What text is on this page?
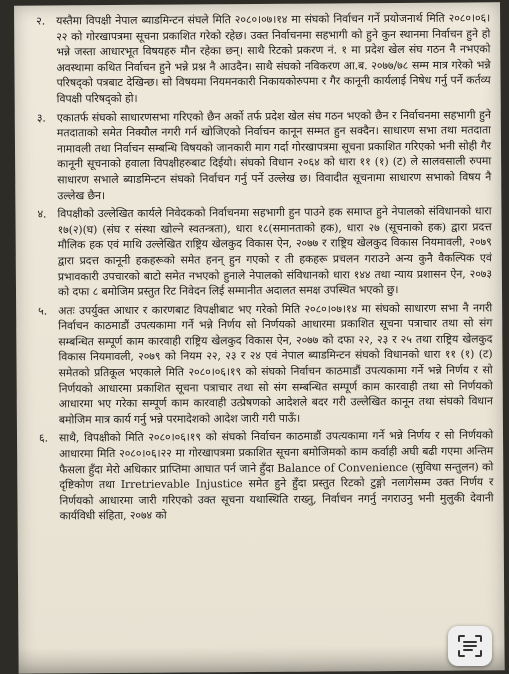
२.	यस्तैमा विपक्षी नेपाल ब्याडमिन्टन संघले मिति २०८०।०७।१४ मा संघको निर्वाचन गर्ने प्रयोजनार्थ मिति २०८०।०६।२२ को गोरखापत्रमा सूचना प्रकाशित गरेको रहेछ। उक्त निर्वाचनमा सहभागी को हुने कुन स्थानमा निर्वाचन हुने हो भन्ने जस्ता आधारभूत विषयहरु मौन रहेका छन्। साथै रिटको प्रकरण नं. १ मा प्रदेश खेल संघ गठन नै नभएको अवस्थामा कथित निर्वाचन हुने भन्ने प्रश्न नै आउदैन। साथै संघको नविकरण आ.ब. २०७७/७८ सम्म मात्र गरेको भन्ने परिषद्को पत्रबाट देखिन्छ। सो विषयमा नियमनकारी निकायकोरुपमा र गैर कानूनी कार्यलाई निषेध गर्नु पर्ने कर्तव्य विपक्षी परिषद्को हो।
३.	एकातर्फ संघको साधारणसभा गरिएको छैन अर्को तर्फ प्रदेश खेल संघ गठन भएको छैन र निर्वाचनमा सहभागी हुने मतदाताको समेत निक्यौल नगरी गर्न खोजिएको निर्वाचन कानून सम्मत हुन सक्दैन। साधारण सभा तथा मतदाता नामावली तथा निर्वाचन सम्बन्धि विषयको जानकारी माग गर्दा गोरखापत्रमा सूचना प्रकाशित गरिएको भनी सोही गैर कानूनी सूचनाको हवाला विपक्षीहरुबाट दिईयो। संघको विधान २०६४ को धारा ११ (१) (ट) ले सालवसाली रुपमा साधारण सभाले ब्याडमिन्टन संघको निर्वाचन गर्नु पर्ने उल्लेख छ। विवादीत सूचनामा साधारण सभाको विषय नै उल्लेख छैन।
४.	विपक्षीको उल्लेखित कार्यले निवेदकको निर्वाचनमा सहभागी हुन पाउने हक समाप्त हुने नेपालको संविधानको धारा १७(२)(घ) (संघ र संस्था खोल्ने स्वतन्त्रता), धारा १८(समानताको हक), धारा २७ (सूचनाको हक) द्वारा प्रदत्त मौलिक हक एवं माथि उल्लेखित राष्ट्रिय खेलकुद विकास ऐन, २०७७ र राष्ट्रिय खेलकुद विकास नियमावली, २०७९ द्वारा प्रदत्त कानूनी हकहरूको समेत हनन् हुन गएको र ती हकहरू प्रचलन गराउने अन्य कुनै वैकल्पिक एवं प्रभावकारी उपचारको बाटो समेत नभएको हुनाले नेपालको संविधानको धारा १४४ तथा न्याय प्रशासन ऐन, २०७३ को दफा ८ बमोजिम प्रस्तुत रिट निवेदन लिई सम्मानीत अदालत समक्ष उपस्थित भएको छु।
५.	अतः उपर्युक्त आधार र कारणबाट विपक्षीबाट भए गरेको मिति २०८०।०७।१४ मा संघको साधारण सभा नै नगरी निर्वाचन काठमाडौं उपत्यकामा गर्ने भन्ने निर्णय सो निर्णयको आधारमा प्रकाशित सूचना पत्राचार तथा सो संग सम्बन्धित सम्पूर्ण काम कारवाही राष्ट्रिय खेलकुद विकास ऐन, २०७७ को दफा २२, २३ र २५ तथा राष्ट्रिय खेलकुद विकास नियमावली, २०७९ को नियम २२, २३ र २४ एवं नेपाल ब्याडमिन्टन संघको विधानको धारा ११ (१) (ट) समेतको प्रतिकूल भएकाले मिति २०८०।०६।१९ को संघको निर्वाचन काठमाडौं उपत्यकामा गर्ने भन्ने निर्णय र सो निर्णयको आधारमा प्रकाशित सूचना पत्राचार तथा सो संग सम्बन्धित सम्पूर्ण काम कारवाही तथा सो निर्णयको आधारमा भए गरेका सम्पूर्ण काम कारवाही उत्प्रेषणको आदेशले बदर गरी उल्लेखित कानून तथा संघको विधान बमोजिम मात्र कार्य गर्नु भन्ने परमादेशको आदेश जारी गरी पाऊँ।
६.	साथै, विपक्षीको मिति २०८०।०६।१९ को संघको निर्वाचन काठमाडौं उपत्यकामा गर्ने भन्ने निर्णय र सो निर्णयको आधारमा मिति २०८०।०६।२२ मा गोरखापत्रमा प्रकाशित सूचना बमोजिमको काम कर्वाही अघी बढी गएमा अन्तिम फैसला हुँदा मेरो अधिकार प्राप्तिमा आघात पर्न जाने हुँदा Balance of Convenience (सुविधा सन्तुलन) को दृष्टिकोण तथा Irretrievable Injustice समेत हुने हुँदा प्रस्तुत रिटको टुङ्गो नलागेसम्म उक्त निर्णय र निर्णयको आधारमा जारी गरिएको उक्त सूचना यथास्थिति राख्नु, निर्वाचन नगर्नु नगराउनु भनी मुलुकी देवानी कार्यविधी संहिता, २०७४ को
